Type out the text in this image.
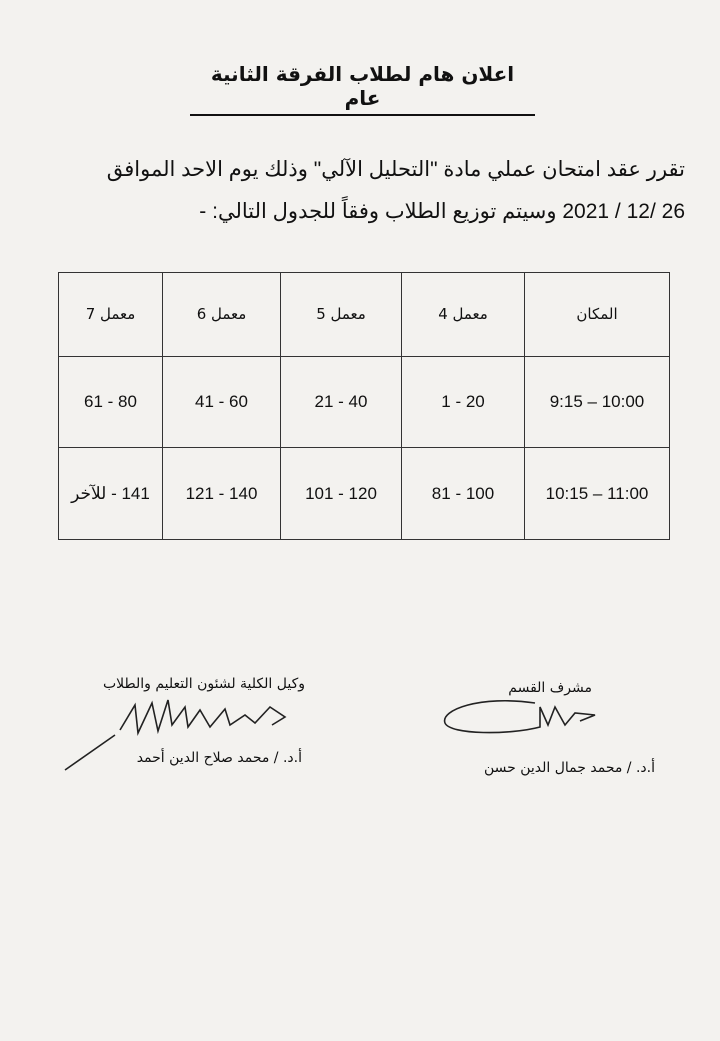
اعلان هام لطلاب الفرقة الثانية عام
تقرر عقد امتحان عملي مادة "التحليل الآلي" وذلك يوم الاحد الموافق
26 /12 / 2021 وسيتم توزيع الطلاب وفقاً للجدول التالي: -
المكان	معمل 4	معمل 5	معمل 6	معمل 7
10:00 – 9:15	20 - 1	40 - 21	60 - 41	80 - 61
11:00 – 10:15	100 - 81	120 - 101	140 - 121	141 - للآخر
وكيل الكلية لشئون التعليم والطلاب
أ.د. / محمد صلاح الدين أحمد
مشرف القسم
أ.د. / محمد جمال الدين حسن
